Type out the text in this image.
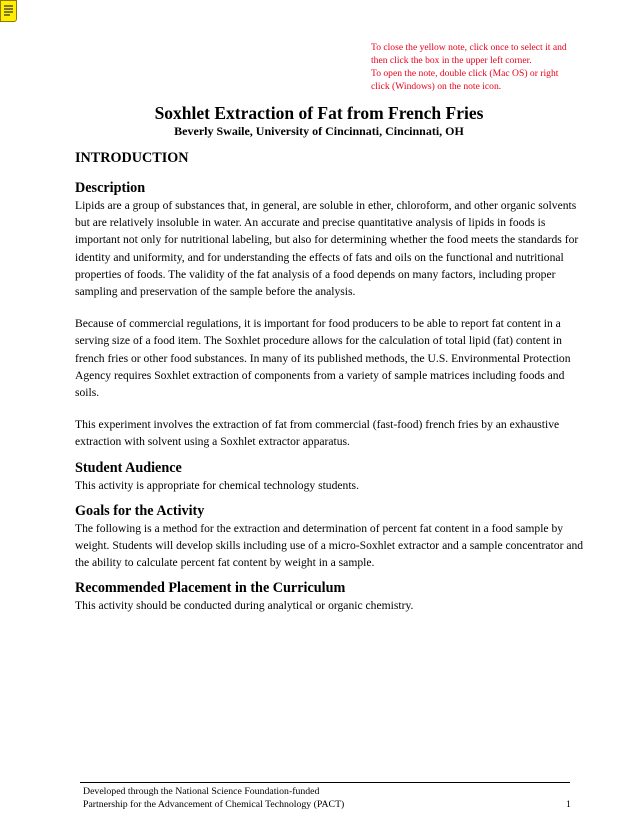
To close the yellow note, click once to select it and
then click the box in the upper left corner.
To open the note, double click (Mac OS) or right
click (Windows) on the note icon.
Soxhlet Extraction of Fat from French Fries
Beverly Swaile, University of Cincinnati, Cincinnati, OH
INTRODUCTION
Description

Lipids are a group of substances that, in general, are soluble in ether, chloroform, and other organic solvents but are relatively insoluble in water. An accurate and precise quantitative analysis of lipids in foods is important not only for nutritional labeling, but also for determining whether the food meets the standards for identity and uniformity, and for understanding the effects of fats and oils on the functional and nutritional properties of foods. The validity of the fat analysis of a food depends on many factors, including proper sampling and preservation of the sample before the analysis.

Because of commercial regulations, it is important for food producers to be able to report fat content in a serving size of a food item. The Soxhlet procedure allows for the calculation of total lipid (fat) content in french fries or other food substances. In many of its published methods, the U.S. Environmental Protection Agency requires Soxhlet extraction of components from a variety of sample matrices including foods and soils.

This experiment involves the extraction of fat from commercial (fast-food) french fries by an exhaustive extraction with solvent using a Soxhlet extractor apparatus.

Student Audience

This activity is appropriate for chemical technology students.

Goals for the Activity

The following is a method for the extraction and determination of percent fat content in a food sample by weight. Students will develop skills including use of a micro-Soxhlet extractor and a sample concentrator and the ability to calculate percent fat content by weight in a sample.

Recommended Placement in the Curriculum

This activity should be conducted during analytical or organic chemistry.

Developed through the National Science Foundation-funded
Partnership for the Advancement of Chemical Technology (PACT)	1
